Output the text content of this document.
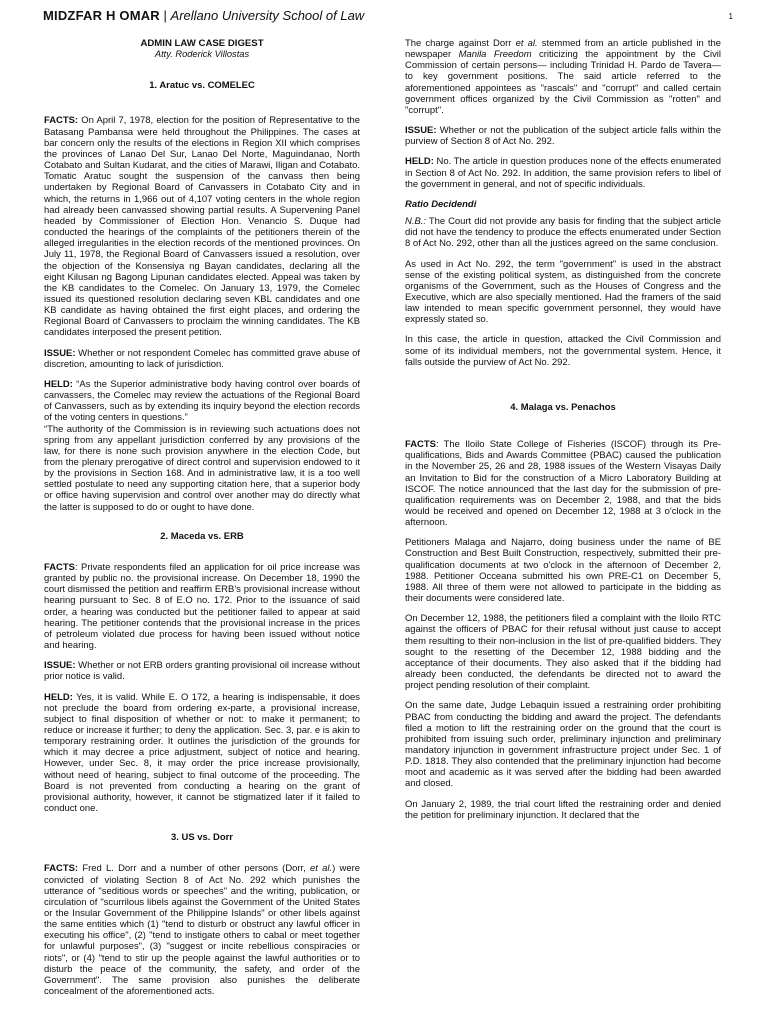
MIDZFAR H OMAR | Arellano University School of Law	1
ADMIN LAW CASE DIGEST
Atty. Roderick Villostas
1. Aratuc vs. COMELEC

FACTS: On April 7, 1978, election for the position of Representative to the Batasang Pambansa were held throughout the Philippines. The cases at bar concern only the results of the elections in Region XII which comprises the provinces of Lanao Del Sur, Lanao Del Norte, Maguindanao, North Cotabato and Sultan Kudarat, and the cities of Marawi, Iligan and Cotabato. Tomatic Aratuc sought the suspension of the canvass then being undertaken by Regional Board of Canvassers in Cotabato City and in which, the returns in 1,966 out of 4,107 voting centers in the whole region had already been canvassed showing partial results. A Supervening Panel headed by Commissioner of Election Hon. Venancio S. Duque had conducted the hearings of the complaints of the petitioners therein of the alleged irregularities in the election records of the mentioned provinces. On July 11, 1978, the Regional Board of Canvassers issued a resolution, over the objection of the Konsensiya ng Bayan candidates, declaring all the eight Kilusan ng Bagong Lipunan candidates elected. Appeal was taken by the KB candidates to the Comelec. On January 13, 1979, the Comelec issued its questioned resolution declaring seven KBL candidates and one KB candidate as having obtained the first eight places, and ordering the Regional Board of Canvassers to proclaim the winning candidates. The KB candidates interposed the present petition.

ISSUE: Whether or not respondent Comelec has committed grave abuse of discretion, amounting to lack of jurisdiction.

HELD: “As the Superior administrative body having control over boards of canvassers, the Comelec may review the actuations of the Regional Board of Canvassers, such as by extending its inquiry beyond the election records of the voting centers in questions.”

“The authority of the Commission is in reviewing such actuations does not spring from any appellant jurisdiction conferred by any provisions of the law, for there is none such provision anywhere in the election Code, but from the plenary prerogative of direct control and supervision endowed to it by the provisions in Section 168. And in administrative law, it is a too well settled postulate to need any supporting citation here, that a superior body or office having supervision and control over another may do directly what the latter is supposed to do or ought to have done.

2. Maceda vs. ERB

FACTS: Private respondents filed an application for oil price increase was granted by public no. the provisional increase. On December 18, 1990 the court dismissed the petition and reaffirm ERB’s provisional increase without hearing pursuant to Sec. 8 of E.O no. 172. Prior to the issuance of said order, a hearing was conducted but the petitioner failed to appear at said hearing. The petitioner contends that the provisional increase in the prices of petroleum violated due process for having been issued without notice and hearing.

ISSUE: Whether or not ERB orders granting provisional oil increase without prior notice is valid.

HELD: Yes, it is valid. While E. O 172, a hearing is indispensable, it does not preclude the board from ordering ex-parte, a provisional increase, subject to final disposition of whether or not: to make it permanent; to reduce or increase it further; to deny the application. Sec. 3, par. e is akin to temporary restraining order. It outlines the jurisdiction of the grounds for which it may decree a price adjustment, subject of notice and hearing. However, under Sec. 8, it may order the price increase provisionally, without need of hearing, subject to final outcome of the proceeding. The Board is not prevented from conducting a hearing on the grant of provisional authority, however, it cannot be stigmatized later if it failed to conduct one.

3. US vs. Dorr

FACTS: Fred L. Dorr and a number of other persons (Dorr, et al.) were convicted of violating Section 8 of Act No. 292 which punishes the utterance of "seditious words or speeches" and the writing, publication, or circulation of "scurrilous libels against the Government of the United States or the Insular Government of the Philippine Islands" or other libels against the same entities which (1) "tend to disturb or obstruct any lawful officer in executing his office", (2) "tend to instigate others to cabal or meet together for unlawful purposes", (3) "suggest or incite rebellious conspiracies or riots", or (4) "tend to stir up the people against the lawful authorities or to disturb the peace of the community, the safety, and order of the Government". The same provision also punishes the deliberate concealment of the aforementioned acts.

The charge against Dorr et al. stemmed from an article published in the newspaper Manila Freedom criticizing the appointment by the Civil Commission of certain persons— including Trinidad H. Pardo de Tavera— to key government positions. The said article referred to the aforementioned appointees as "rascals" and "corrupt" and called certain government offices organized by the Civil Commission as "rotten" and "corrupt".

ISSUE: Whether or not the publication of the subject article falls within the purview of Section 8 of Act No. 292.

HELD: No. The article in question produces none of the effects enumerated in Section 8 of Act No. 292. In addition, the same provision refers to libel of the government in general, and not of specific individuals.

Ratio Decidendi

N.B.: The Court did not provide any basis for finding that the subject article did not have the tendency to produce the effects enumerated under Section 8 of Act No. 292, other than all the justices agreed on the same conclusion.

As used in Act No. 292, the term "government" is used in the abstract sense of the existing political system, as distinguished from the concrete organisms of the Government, such as the Houses of Congress and the Executive, which are also specially mentioned. Had the framers of the said law intended to mean specific government personnel, they would have expressly stated so.

In this case, the article in question, attacked the Civil Commission and some of its individual members, not the governmental system. Hence, it falls outside the purview of Act No. 292.

4. Malaga vs. Penachos

FACTS: The Iloilo State College of Fisheries (ISCOF) through its Pre-qualifications, Bids and Awards Committee (PBAC) caused the publication in the November 25, 26 and 28, 1988 issues of the Western Visayas Daily an Invitation to Bid for the construction of a Micro Laboratory Building at ISCOF. The notice announced that the last day for the submission of pre-qualification requirements was on December 2, 1988, and that the bids would be received and opened on December 12, 1988 at 3 o'clock in the afternoon.

Petitioners Malaga and Najarro, doing business under the name of BE Construction and Best Built Construction, respectively, submitted their pre-qualification documents at two o'clock in the afternoon of December 2, 1988. Petitioner Occeana submitted his own PRE-C1 on December 5, 1988. All three of them were not allowed to participate in the bidding as their documents were considered late.

On December 12, 1988, the petitioners filed a complaint with the Iloilo RTC against the officers of PBAC for their refusal without just cause to accept them resulting to their non-inclusion in the list of pre-qualified bidders. They sought to the resetting of the December 12, 1988 bidding and the acceptance of their documents. They also asked that if the bidding had already been conducted, the defendants be directed not to award the project pending resolution of their complaint.

On the same date, Judge Lebaquin issued a restraining order prohibiting PBAC from conducting the bidding and award the project. The defendants filed a motion to lift the restraining order on the ground that the court is prohibited from issuing such order, preliminary injunction and preliminary mandatory injunction in government infrastructure project under Sec. 1 of P.D. 1818. They also contended that the preliminary injunction had become moot and academic as it was served after the bidding had been awarded and closed.

On January 2, 1989, the trial court lifted the restraining order and denied the petition for preliminary injunction. It declared that the
